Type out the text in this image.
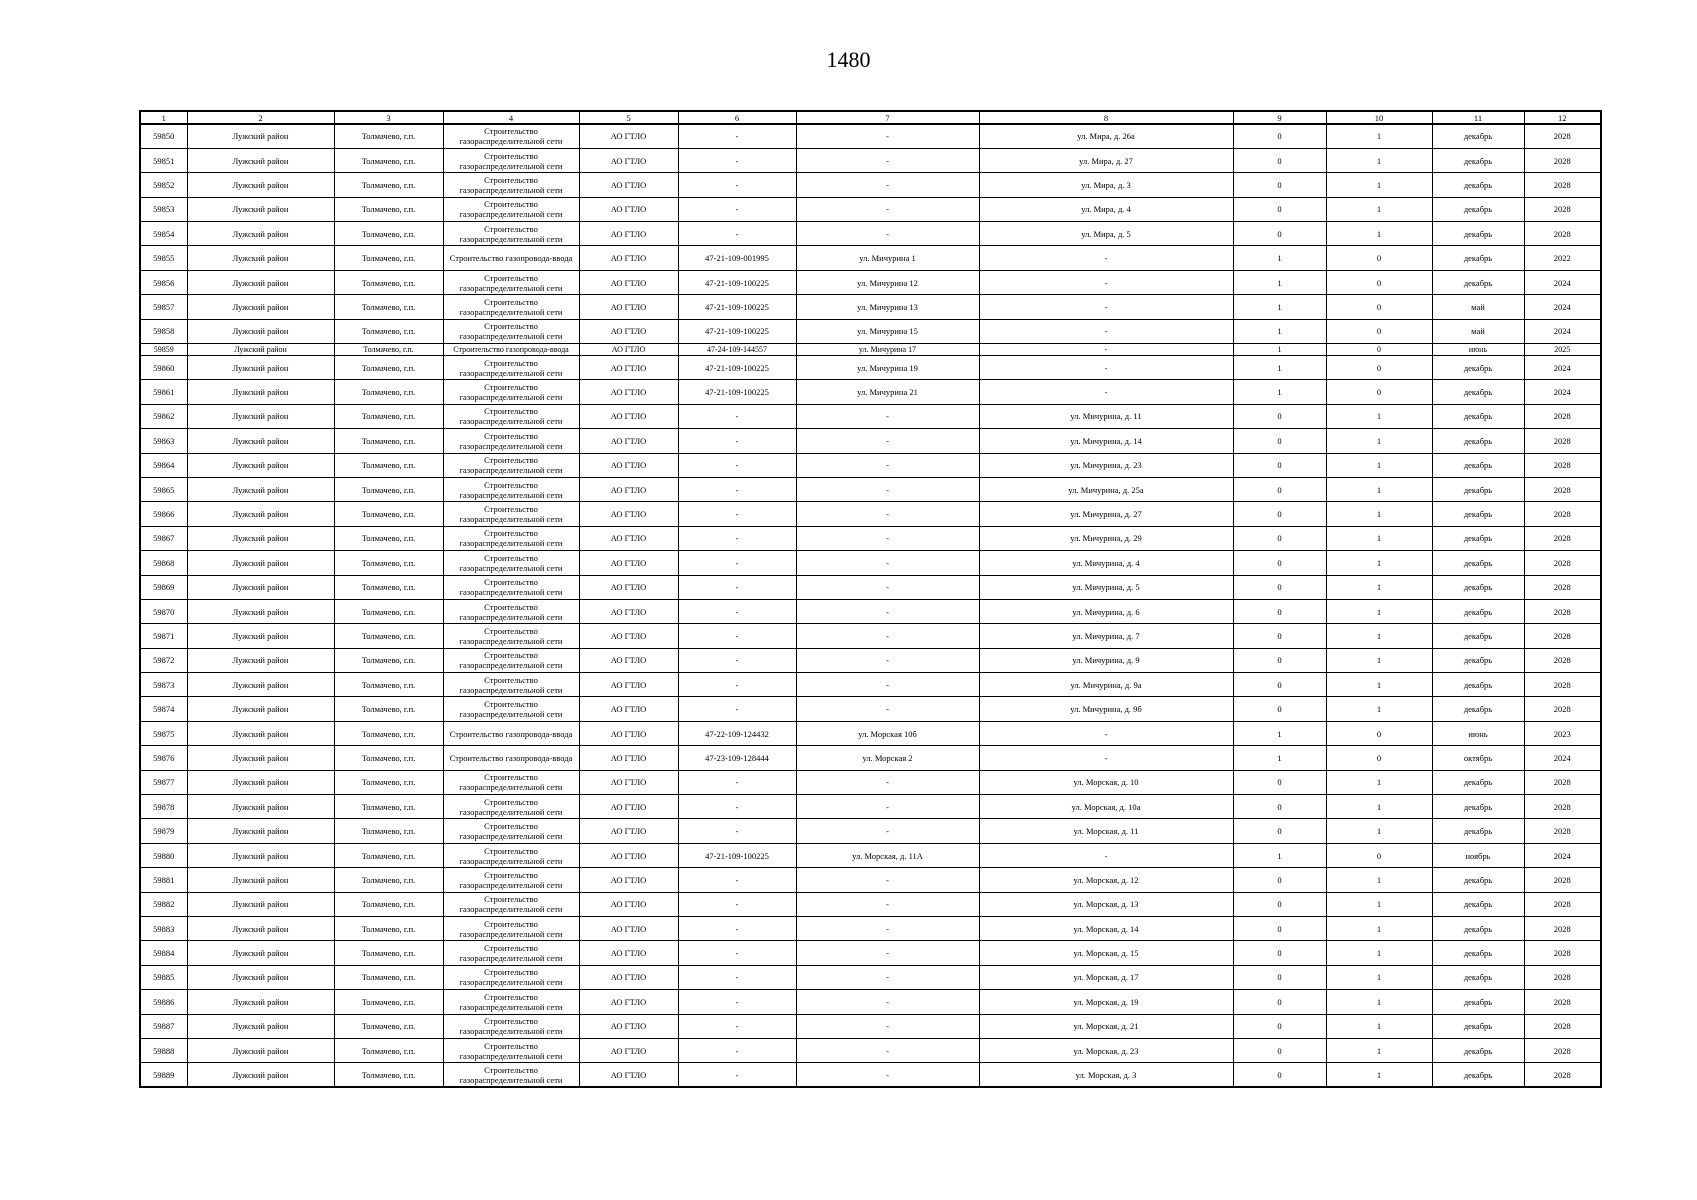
1480
1	2	3	4	5	6	7	8	9	10	11	12
59850	Лужский район	Толмачево, г.п.	Строительство
газораспределительной сети	АО ГТЛО	-	-	ул. Мира, д. 26а	0	1	декабрь	2028
59851	Лужский район	Толмачево, г.п.	Строительство
газораспределительной сети	АО ГТЛО	-	-	ул. Мира, д. 27	0	1	декабрь	2028
59852	Лужский район	Толмачево, г.п.	Строительство
газораспределительной сети	АО ГТЛО	-	-	ул. Мира, д. 3	0	1	декабрь	2028
59853	Лужский район	Толмачево, г.п.	Строительство
газораспределительной сети	АО ГТЛО	-	-	ул. Мира, д. 4	0	1	декабрь	2028
59854	Лужский район	Толмачево, г.п.	Строительство
газораспределительной сети	АО ГТЛО	-	-	ул. Мира, д. 5	0	1	декабрь	2028
59855	Лужский район	Толмачево, г.п.	Строительство газопровода-ввода	АО ГТЛО	47-21-109-001995	ул. Мичурина 1	-	1	0	декабрь	2022
59856	Лужский район	Толмачево, г.п.	Строительство
газораспределительной сети	АО ГТЛО	47-21-109-100225	ул. Мичурина 12	-	1	0	декабрь	2024
59857	Лужский район	Толмачево, г.п.	Строительство
газораспределительной сети	АО ГТЛО	47-21-109-100225	ул. Мичурина 13	-	1	0	май	2024
59858	Лужский район	Толмачево, г.п.	Строительство
газораспределительной сети	АО ГТЛО	47-21-109-100225	ул. Мичурина 15	-	1	0	май	2024
59859	Лужский район	Толмачево, г.п.	Строительство газопровода-ввода	АО ГТЛО	47-24-109-144557	ул. Мичурина 17	-	1	0	июнь	2025
59860	Лужский район	Толмачево, г.п.	Строительство
газораспределительной сети	АО ГТЛО	47-21-109-100225	ул. Мичурина 19	-	1	0	декабрь	2024
59861	Лужский район	Толмачево, г.п.	Строительство
газораспределительной сети	АО ГТЛО	47-21-109-100225	ул. Мичурина 21	-	1	0	декабрь	2024
59862	Лужский район	Толмачево, г.п.	Строительство
газораспределительной сети	АО ГТЛО	-	-	ул. Мичурина, д. 11	0	1	декабрь	2028
59863	Лужский район	Толмачево, г.п.	Строительство
газораспределительной сети	АО ГТЛО	-	-	ул. Мичурина, д. 14	0	1	декабрь	2028
59864	Лужский район	Толмачево, г.п.	Строительство
газораспределительной сети	АО ГТЛО	-	-	ул. Мичурина, д. 23	0	1	декабрь	2028
59865	Лужский район	Толмачево, г.п.	Строительство
газораспределительной сети	АО ГТЛО	-	-	ул. Мичурина, д. 25а	0	1	декабрь	2028
59866	Лужский район	Толмачево, г.п.	Строительство
газораспределительной сети	АО ГТЛО	-	-	ул. Мичурина, д. 27	0	1	декабрь	2028
59867	Лужский район	Толмачево, г.п.	Строительство
газораспределительной сети	АО ГТЛО	-	-	ул. Мичурина, д. 29	0	1	декабрь	2028
59868	Лужский район	Толмачево, г.п.	Строительство
газораспределительной сети	АО ГТЛО	-	-	ул. Мичурина, д. 4	0	1	декабрь	2028
59869	Лужский район	Толмачево, г.п.	Строительство
газораспределительной сети	АО ГТЛО	-	-	ул. Мичурина, д. 5	0	1	декабрь	2028
59870	Лужский район	Толмачево, г.п.	Строительство
газораспределительной сети	АО ГТЛО	-	-	ул. Мичурина, д. 6	0	1	декабрь	2028
59871	Лужский район	Толмачево, г.п.	Строительство
газораспределительной сети	АО ГТЛО	-	-	ул. Мичурина, д. 7	0	1	декабрь	2028
59872	Лужский район	Толмачево, г.п.	Строительство
газораспределительной сети	АО ГТЛО	-	-	ул. Мичурина, д. 9	0	1	декабрь	2028
59873	Лужский район	Толмачево, г.п.	Строительство
газораспределительной сети	АО ГТЛО	-	-	ул. Мичурина, д. 9а	0	1	декабрь	2028
59874	Лужский район	Толмачево, г.п.	Строительство
газораспределительной сети	АО ГТЛО	-	-	ул. Мичурина, д. 9б	0	1	декабрь	2028
59875	Лужский район	Толмачево, г.п.	Строительство газопровода-ввода	АО ГТЛО	47-22-109-124432	ул. Морская 10б	-	1	0	июнь	2023
59876	Лужский район	Толмачево, г.п.	Строительство газопровода-ввода	АО ГТЛО	47-23-109-128444	ул. Морская 2	-	1	0	октябрь	2024
59877	Лужский район	Толмачево, г.п.	Строительство
газораспределительной сети	АО ГТЛО	-	-	ул. Морская, д. 10	0	1	декабрь	2028
59878	Лужский район	Толмачево, г.п.	Строительство
газораспределительной сети	АО ГТЛО	-	-	ул. Морская, д. 10а	0	1	декабрь	2028
59879	Лужский район	Толмачево, г.п.	Строительство
газораспределительной сети	АО ГТЛО	-	-	ул. Морская, д. 11	0	1	декабрь	2028
59880	Лужский район	Толмачево, г.п.	Строительство
газораспределительной сети	АО ГТЛО	47-21-109-100225	ул. Морская, д. 11А	-	1	0	ноябрь	2024
59881	Лужский район	Толмачево, г.п.	Строительство
газораспределительной сети	АО ГТЛО	-	-	ул. Морская, д. 12	0	1	декабрь	2028
59882	Лужский район	Толмачево, г.п.	Строительство
газораспределительной сети	АО ГТЛО	-	-	ул. Морская, д. 13	0	1	декабрь	2028
59883	Лужский район	Толмачево, г.п.	Строительство
газораспределительной сети	АО ГТЛО	-	-	ул. Морская, д. 14	0	1	декабрь	2028
59884	Лужский район	Толмачево, г.п.	Строительство
газораспределительной сети	АО ГТЛО	-	-	ул. Морская, д. 15	0	1	декабрь	2028
59885	Лужский район	Толмачево, г.п.	Строительство
газораспределительной сети	АО ГТЛО	-	-	ул. Морская, д. 17	0	1	декабрь	2028
59886	Лужский район	Толмачево, г.п.	Строительство
газораспределительной сети	АО ГТЛО	-	-	ул. Морская, д. 19	0	1	декабрь	2028
59887	Лужский район	Толмачево, г.п.	Строительство
газораспределительной сети	АО ГТЛО	-	-	ул. Морская, д. 21	0	1	декабрь	2028
59888	Лужский район	Толмачево, г.п.	Строительство
газораспределительной сети	АО ГТЛО	-	-	ул. Морская, д. 23	0	1	декабрь	2028
59889	Лужский район	Толмачево, г.п.	Строительство
газораспределительной сети	АО ГТЛО	-	-	ул. Морская, д. 3	0	1	декабрь	2028
